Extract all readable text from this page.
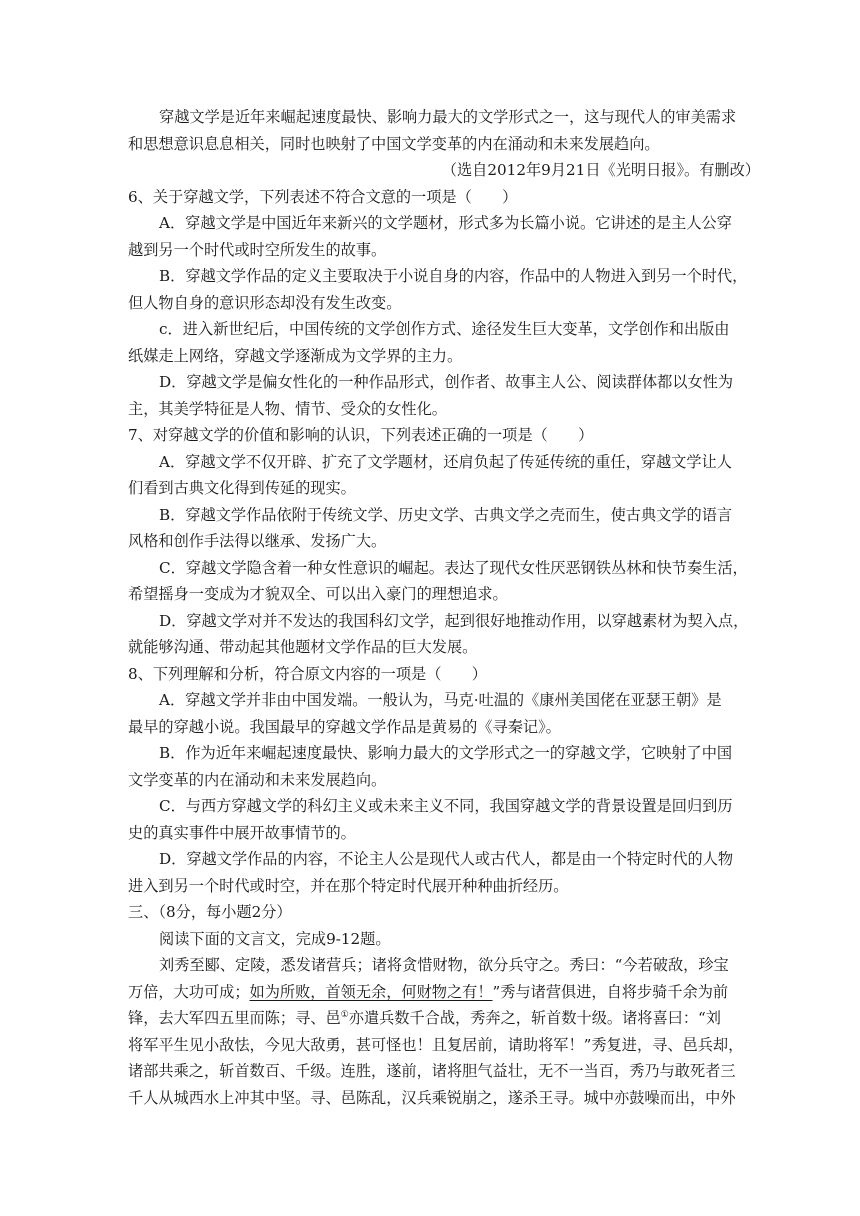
穿越文学是近年来崛起速度最快、影响力最大的文学形式之一，这与现代人的审美需求
和思想意识息息相关，同时也映射了中国文学变革的内在涌动和未来发展趋向。
（选自2012年9月21日《光明日报》。有删改）
6、关于穿越文学，下列表述不符合文意的一项是（　　）
A．穿越文学是中国近年来新兴的文学题材，形式多为长篇小说。它讲述的是主人公穿
越到另一个时代或时空所发生的故事。
B．穿越文学作品的定义主要取决于小说自身的内容，作品中的人物进入到另一个时代，
但人物自身的意识形态却没有发生改变。
c．进入新世纪后，中国传统的文学创作方式、途径发生巨大变革，文学创作和出版由
纸媒走上网络，穿越文学逐渐成为文学界的主力。
D．穿越文学是偏女性化的一种作品形式，创作者、故事主人公、阅读群体都以女性为
主，其美学特征是人物、情节、受众的女性化。
7、对穿越文学的价值和影响的认识，下列表述正确的一项是（　　）
A．穿越文学不仅开辟、扩充了文学题材，还肩负起了传延传统的重任，穿越文学让人
们看到古典文化得到传延的现实。
B．穿越文学作品依附于传统文学、历史文学、古典文学之壳而生，使古典文学的语言
风格和创作手法得以继承、发扬广大。
C．穿越文学隐含着一种女性意识的崛起。表达了现代女性厌恶钢铁丛林和快节奏生活，
希望摇身一变成为才貌双全、可以出入豪门的理想追求。
D．穿越文学对并不发达的我国科幻文学，起到很好地推动作用，以穿越素材为契入点，
就能够沟通、带动起其他题材文学作品的巨大发展。
8、下列理解和分析，符合原文内容的一项是（　　）
A．穿越文学并非由中国发端。一般认为，马克·吐温的《康州美国佬在亚瑟王朝》是
最早的穿越小说。我国最早的穿越文学作品是黄易的《寻秦记》。
B．作为近年来崛起速度最快、影响力最大的文学形式之一的穿越文学，它映射了中国
文学变革的内在涌动和未来发展趋向。
C．与西方穿越文学的科幻主义或未来主义不同，我国穿越文学的背景设置是回归到历
史的真实事件中展开故事情节的。
D．穿越文学作品的内容，不论主人公是现代人或古代人，都是由一个特定时代的人物
进入到另一个时代或时空，并在那个特定时代展开种种曲折经历。
三、（8分，每小题2分）
阅读下面的文言文，完成9-12题。
刘秀至郾、定陵，悉发诸营兵；诸将贪惜财物，欲分兵守之。秀曰：“今若破敌，珍宝
万倍，大功可成；如为所败，首领无余，何财物之有！”秀与诸营俱进，自将步骑千余为前
锋，去大军四五里而陈；寻、邑①亦遣兵数千合战，秀奔之，斩首数十级。诸将喜曰：“刘
将军平生见小敌怯，今见大敌勇，甚可怪也！且复居前，请助将军！”秀复进，寻、邑兵却，
诸部共乘之，斩首数百、千级。连胜，遂前，诸将胆气益壮，无不一当百，秀乃与敢死者三
千人从城西水上冲其中坚。寻、邑陈乱，汉兵乘锐崩之，遂杀王寻。城中亦鼓噪而出，中外
